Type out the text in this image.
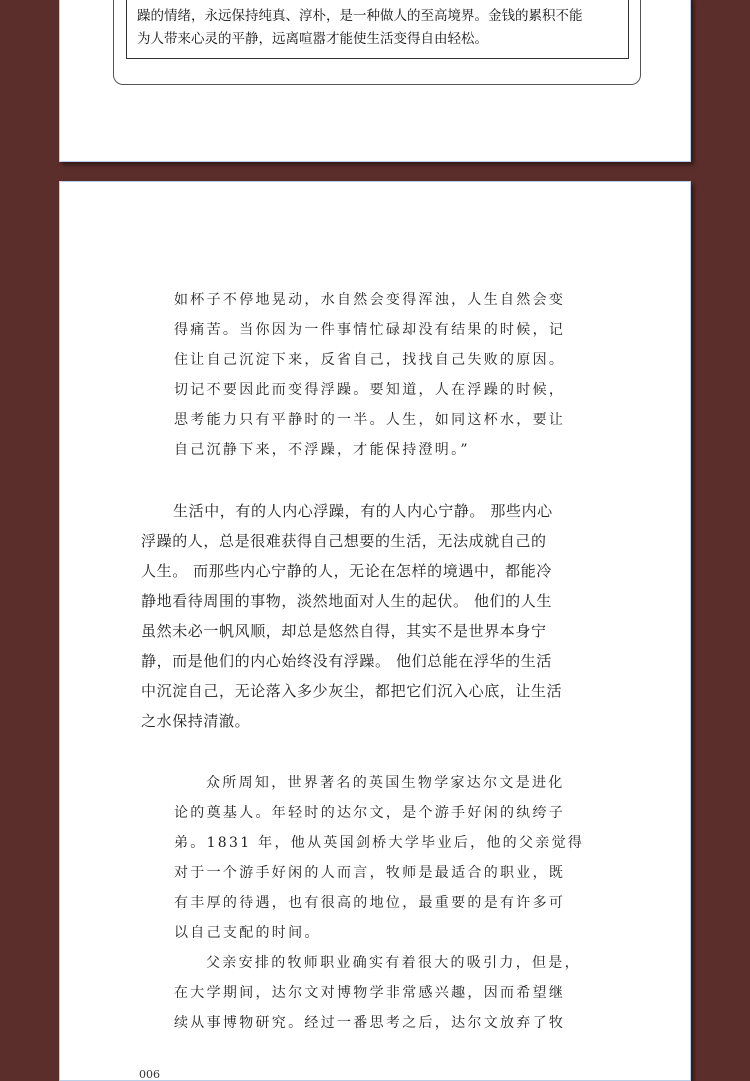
躁的情绪，永远保持纯真、淳朴，是一种做人的至高境界。金钱的累积不能
为人带来心灵的平静，远离喧嚣才能使生活变得自由轻松。
如杯子不停地晃动，水自然会变得浑浊，人生自然会变
得痛苦。当你因为一件事情忙碌却没有结果的时候，记
住让自己沉淀下来，反省自己，找找自己失败的原因。
切记不要因此而变得浮躁。要知道，人在浮躁的时候，
思考能力只有平静时的一半。人生，如同这杯水，要让
自己沉静下来，不浮躁，才能保持澄明。”
生活中，有的人内心浮躁，有的人内心宁静。 那些内心
浮躁的人，总是很难获得自己想要的生活，无法成就自己的
人生。 而那些内心宁静的人，无论在怎样的境遇中，都能冷
静地看待周围的事物，淡然地面对人生的起伏。 他们的人生
虽然未必一帆风顺，却总是悠然自得，其实不是世界本身宁
静，而是他们的内心始终没有浮躁。 他们总能在浮华的生活
中沉淀自己，无论落入多少灰尘，都把它们沉入心底，让生活
之水保持清澈。
众所周知，世界著名的英国生物学家达尔文是进化
论的奠基人。年轻时的达尔文，是个游手好闲的纨绔子
弟。1831 年，他从英国剑桥大学毕业后，他的父亲觉得
对于一个游手好闲的人而言，牧师是最适合的职业，既
有丰厚的待遇，也有很高的地位，最重要的是有许多可
以自己支配的时间。
父亲安排的牧师职业确实有着很大的吸引力，但是，
在大学期间，达尔文对博物学非常感兴趣，因而希望继
续从事博物研究。经过一番思考之后，达尔文放弃了牧
006
